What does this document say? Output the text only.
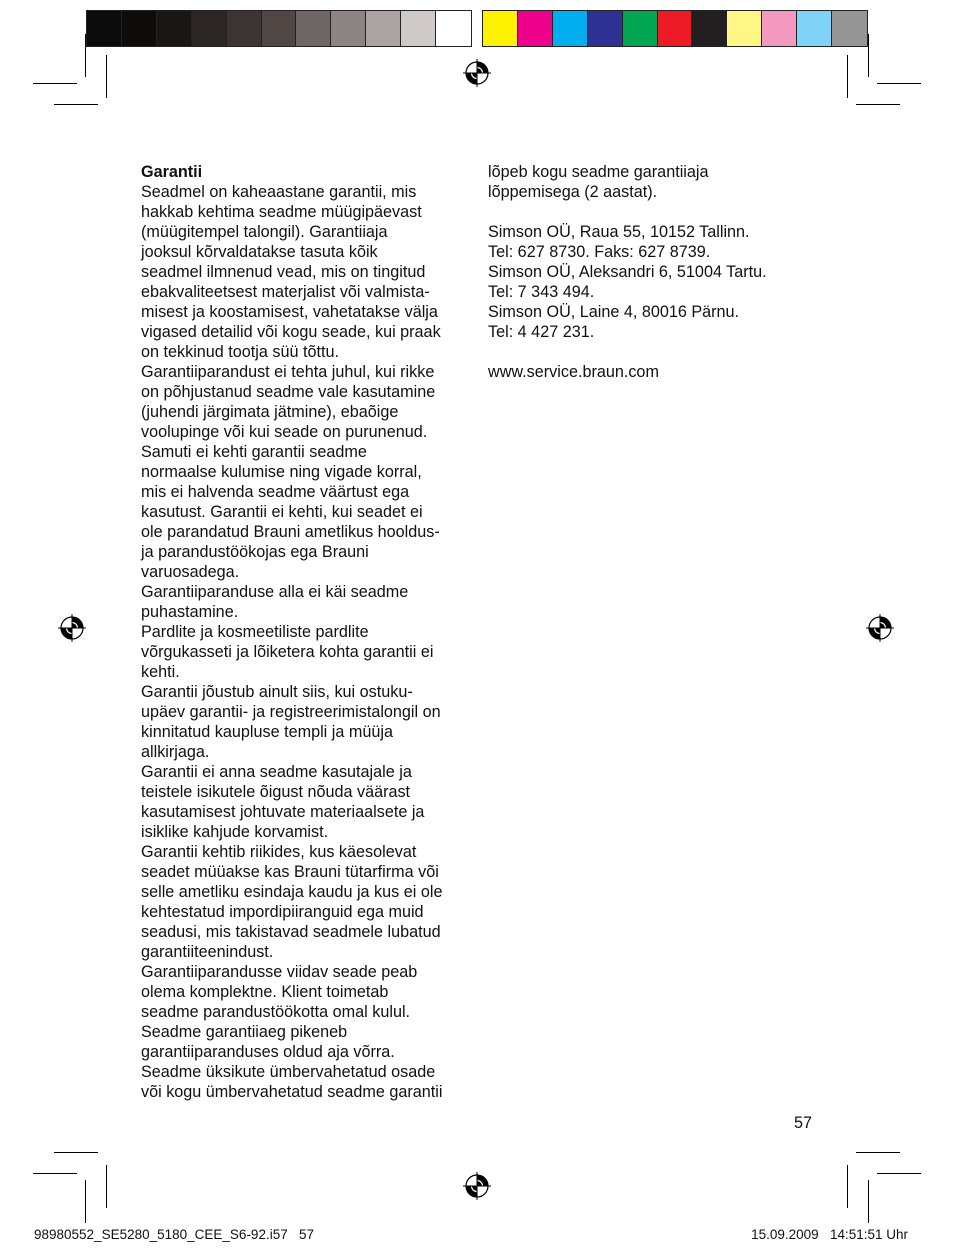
Garantii

Seadmel on kaheaastane garantii, mis

hakkab kehtima seadme müügipäevast

(müügitempel talongil). Garantiiaja

jooksul kõrvaldatakse tasuta kõik

seadmel ilmnenud vead, mis on tingitud

ebakvaliteetsest materjalist või valmista-

misest ja koostamisest, vahetatakse välja

vigased detailid või kogu seade, kui praak

on tekkinud tootja süü tõttu.

Garantiiparandust ei tehta juhul, kui rikke

on põhjustanud seadme vale kasutamine

(juhendi järgimata jätmine), ebaõige

voolupinge või kui seade on purunenud.

Samuti ei kehti garantii seadme

normaalse kulumise ning vigade korral,

mis ei halvenda seadme väärtust ega

kasutust. Garantii ei kehti, kui seadet ei

ole parandatud Brauni ametlikus hooldus-

ja parandustöökojas ega Brauni

varuosadega.

Garantiiparanduse alla ei käi seadme

puhastamine.

Pardlite ja kosmeetiliste pardlite

võrgukasseti ja lõiketera kohta garantii ei

kehti.

Garantii jõustub ainult siis, kui ostuku-

upäev garantii- ja registreerimistalongil on

kinnitatud kaupluse templi ja müüja

allkirjaga.

Garantii ei anna seadme kasutajale ja

teistele isikutele õigust nõuda väärast

kasutamisest johtuvate materiaalsete ja

isiklike kahjude korvamist.

Garantii kehtib riikides, kus käesolevat

seadet müüakse kas Brauni tütarfirma või

selle ametliku esindaja kaudu ja kus ei ole

kehtestatud impordipiiranguid ega muid

seadusi, mis takistavad seadmele lubatud

garantiiteenindust.

Garantiiparandusse viidav seade peab

olema komplektne. Klient toimetab

seadme parandustöökotta omal kulul.

Seadme garantiiaeg pikeneb

garantiiparanduses oldud aja võrra.

Seadme üksikute ümbervahetatud osade

või kogu ümbervahetatud seadme garantii

lõpeb kogu seadme garantiiaja

lõppemisega (2 aastat).

Simson OÜ, Raua 55, 10152 Tallinn.

Tel: 627 8730. Faks: 627 8739.

Simson OÜ, Aleksandri 6, 51004 Tartu.

Tel: 7 343 494.

Simson OÜ, Laine 4, 80016 Pärnu.

Tel: 4 427 231.

www.service.braun.com

57
98980552_SE5280_5180_CEE_S6-92.i57   57	15.09.2009   14:51:51 Uhr
